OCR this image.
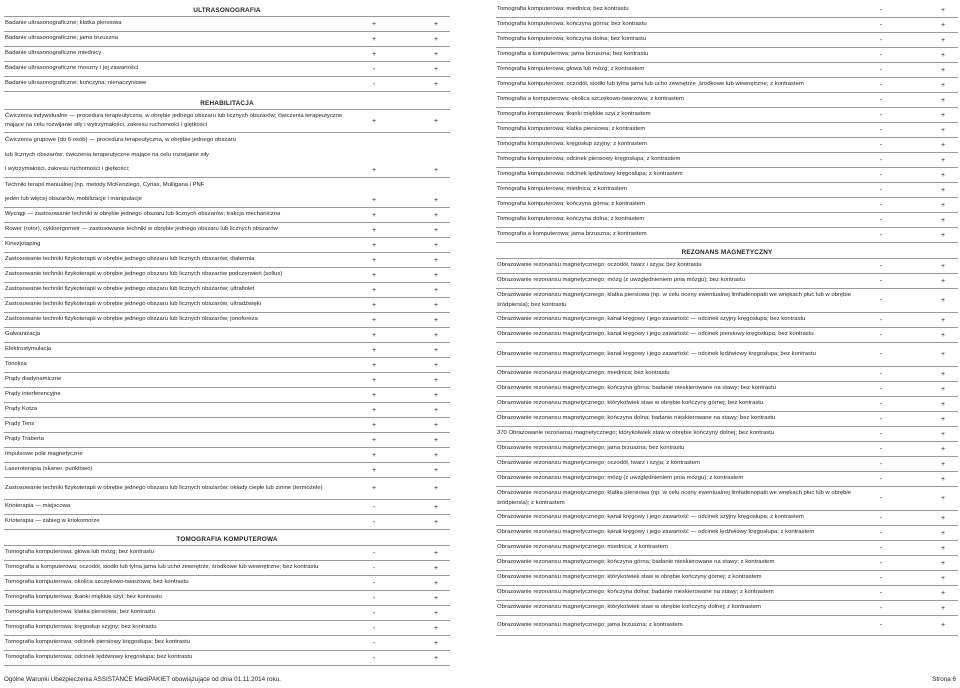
ULTRASONOGRAFIA
Badanie ultrasonograficzne; klatka piersiowa	+	+
Badanie ultrasonograficzne; jama brzuszna	+	+
Badanie ultrasonograficzne miednicy	+	+
Badanie ultrasonograficzne moszny i jej zawartości	-	+
Badanie ultrasonograficzne; kończyna; nienaczyniowe	-	+
REHABILITACJA
Ćwiczenia indywidualne — procedura terapeutyczna, w obrębie jednego obszaru lub licznych obszarów; ćwiczenia terapeutyczne mające na celu rozwijanie siły i wytrzymałości, zakresu ruchomości i giętkości
+	+
Ćwiczenia grupowe (do 6 osób) — procedura terapeutyczna, w obrębie jednego obszaru
lub licznych obszarów; ćwiczenia terapeutyczne mające na celu rozwijanie siły
i wytrzymałości, zakresu ruchomości i giętkości;	+	+
Techniki terapii manualnej (np. metody McKenziego, Cyriax, Mulligana i PNF
jeden lub więcej obszarów, mobilizacje i manipulacje	+	+
Wyciągi — zastosowanie techniki w obrębie jednego obszaru lub licznych obszarów; trakcja mechaniczna	+	+
Rower (rotor), cykloergometr — zastosowanie techniki w obrębie jednego obszaru lub licznych obszarów	+	+
Kinezjotaping	+	+
Zastosowanie techniki fizykoterapii w obrębie jednego obszaru lub licznych obszarów; diatermia	+	+
Zastosowanie techniki fizykoterapii w obrębie jednego obszaru lub licznych obszarów podczerwień (sollux)	+	+
Zastosowanie techniki fizykoterapii w obrębie jednego obszaru lub licznych obszarów; ultrafiolet	+	+
Zastosowanie techniki fizykoterapii w obrębie jednego obszaru lub licznych obszarów; ultradźwięki	+	+
Zastosowanie techniki fizykoterapii w obrębie jednego obszaru lub licznych obszarów; jonoforeza	+	+
Galwanizacja	+	+
Elektrostymulacja	+	+
Tonoliza	+	+
Prądy diadynamiczne	+	+
Prądy interferencyjne	+	+
Prądy Kotza	+	+
Prądy Tens	+	+
Prądy Traberta	+	+
Impulsowe pole magnetyczne	+	+
Laseroterapia (skaner, punktowo)	+	+
Zastosowanie techniki fizykoterapii w obrębie jednego obszaru lub licznych obszarów; okłady ciepłe lub zimne (termożele)	+	+
Krioterapia — miejscowa	-	+
Krioterapia — zabieg w kriokomorze	-	+
TOMOGRAFIA KOMPUTEROWA
Tomografia komputerowa; głowa lub mózg; bez kontrastu	-	+
Tomografia a komputerowa; oczodół, siodło lub tylna jama lub ucho zewnętrze, środkowe lub wewnętrzne; bez kontrastu	-	+
Tomografia komputerowa; okolica szczękowo-twarzowa; bez kontrastu	-	+
Tomografia komputerowa; tkanki miękkie szyi; bez kontrastu	-	+
Tomografia komputerowa; klatka piersiowa; bez kontrastu	-	+
Tomografia komputerowa; kręgosłup szyjny; bez kontrastu	-	+
Tomografia komputerowa; odcinek piersiowy kręgosłupa; bez kontrastu	-	+
Tomografia komputerowa; odcinek lędźwiowy kręgosłupa; bez kontrastu	-	+
Tomografia komputerowa; miednica; bez kontrastu	-	+
Tomografia komputerowa; kończyna górna; bez kontrastu	-	+
Tomografia komputerowa; kończyna dolna; bez kontrastu	-	+
Tomografia a komputerowa; jama brzuszna; bez kontrastu	-	+
Tomografia komputerowa; głowa lub mózg; z kontrastem	-	+
Tomografia komputerowa; oczodół, siodło lub tylna jama lub ucho zewnętrze ,środkowe lub wewnętrzne; z kontrastem	-	+
Tomografia a komputerowa; okolica szczękowo-twarzowa; z kontrastem	-	+
Tomografia komputerowa; tkanki miękkie szyi z kontrastem	-	+
Tomografia komputerowa; klatka piersiowa; z kontrastem	-	+
Tomografia komputerowa; kręgosłup szyjny; z kontrastem	-	+
Tomografia komputerowa; odcinek piersiowy kręgosłupa; z kontrastem	-	+
Tomografia komputerowa; odcinek lędźwiowy kręgosłupa; z kontrastem	-	+
Tomografia komputerowa; miednica; z kontrastem	-	+
Tomografia komputerowa; kończyna górna; z kontrastem	-	+
Tomografia komputerowa; kończyna dolna; z kontrastem	-	+
Tomografia a komputerowa; jama brzuszna; z kontrastem	-	+
REZONANS MAGNETYCZNY
Obrazowanie rezonansu magnetycznego; oczodół, twarz i szyja; bez kontrastu	-	+
Obrazowanie rezonansu magnetycznego; mózg (z uwzględnieniem pnia mózgu); bez kontrastu	-	+
Obrazowanie rezonansu magnetycznego; klatka piersiowa (np. w celu oceny ewentualnej limfadenopatii we wnękach płuc lub w obrębie śródpiersia); bez kontrastu
-	+
Obrazowanie rezonansu magnetycznego; kanał kręgowy i jego zawartość — odcinek szyjny kręgosłupa; bez kontrastu	-	+
Obrazowanie rezonansu magnetycznego; kanał kręgowy i jego zawartość — odcinek piersiowy kręgosłupa; bez kontrastu	-	+
Obrazowanie rezonansu magnetycznego; kanał kręgowy i jego zawartość — odcinek lędźwiowy kręgosłupa; bez kontrastu	-	+
Obrazowanie rezonansu magnetycznego; miednica; bez kontrastu	-	+
Obrazowanie rezonansu magnetycznego; kończyna górna; badanie nieskierowane na stawy; bez kontrastu	-	+
Obrazowanie rezonansu magnetycznego; którykolwiek staw w obrębie kończyny górnej; bez kontrastu	-	+
Obrazowanie rezonansu magnetycznego; kończyna dolna; badanie nieskierowane na stawy; bez kontrastu	-	+
370 Obrazowanie rezonansu magnetycznego; którykolwiek staw w obrębie kończyny dolnej; bez kontrastu	-	+
Obrazowanie rezonansu magnetycznego; jama brzuszna; bez kontrastu	-	+
Obrazowanie rezonansu magnetycznego; oczodół, twarz i szyja; z kontrastem	-	+
Obrazowanie rezonansu magnetycznego; mózg (z uwzględnieniem pnia mózgu); z kontrastem	-	+
Obrazowanie rezonansu magnetycznego; klatka piersiowa (np. w celu oceny ewentualnej limfadenopatii we wnękach płuc lub w obrębie śródpiersia); z kontrastem
-	+
Obrazowanie rezonansu magnetycznego; kanał kręgowy i jego zawartość — odcinek szyjny kręgosłupa; z kontrastem	-	+
Obrazowanie rezonansu magnetycznego; kanał kręgowy i jego zawartość — odcinek lędźwiowy kręgosłupa; z kontrastem	-	+
Obrazowanie rezonansu magnetycznego; miednica; z kontrastem	-	+
Obrazowanie rezonansu magnetycznego; kończyna górna; badanie nieskierowane na stawy; z kontrastem	-	+
Obrazowanie rezonansu magnetycznego; którykolwiek staw w obrębie kończyny górnej; z kontrastem	-	+
Obrazowanie rezonansu magnetycznego; kończyna dolna; badanie nieskierowane na stawy; z kontrastem	-	+
Obrazowanie rezonansu magnetycznego; którykolwiek staw w obrębie kończyny dolnej; z kontrastem	-	+
Obrazowanie rezonansu magnetycznego; jama brzuszna; z kontrastem	-	+
Ogólne Warunki Ubezpieczenia ASSISTANCE MediPAKIET obowiązujące od dnia 01.11.2014 roku.	Strona 6
